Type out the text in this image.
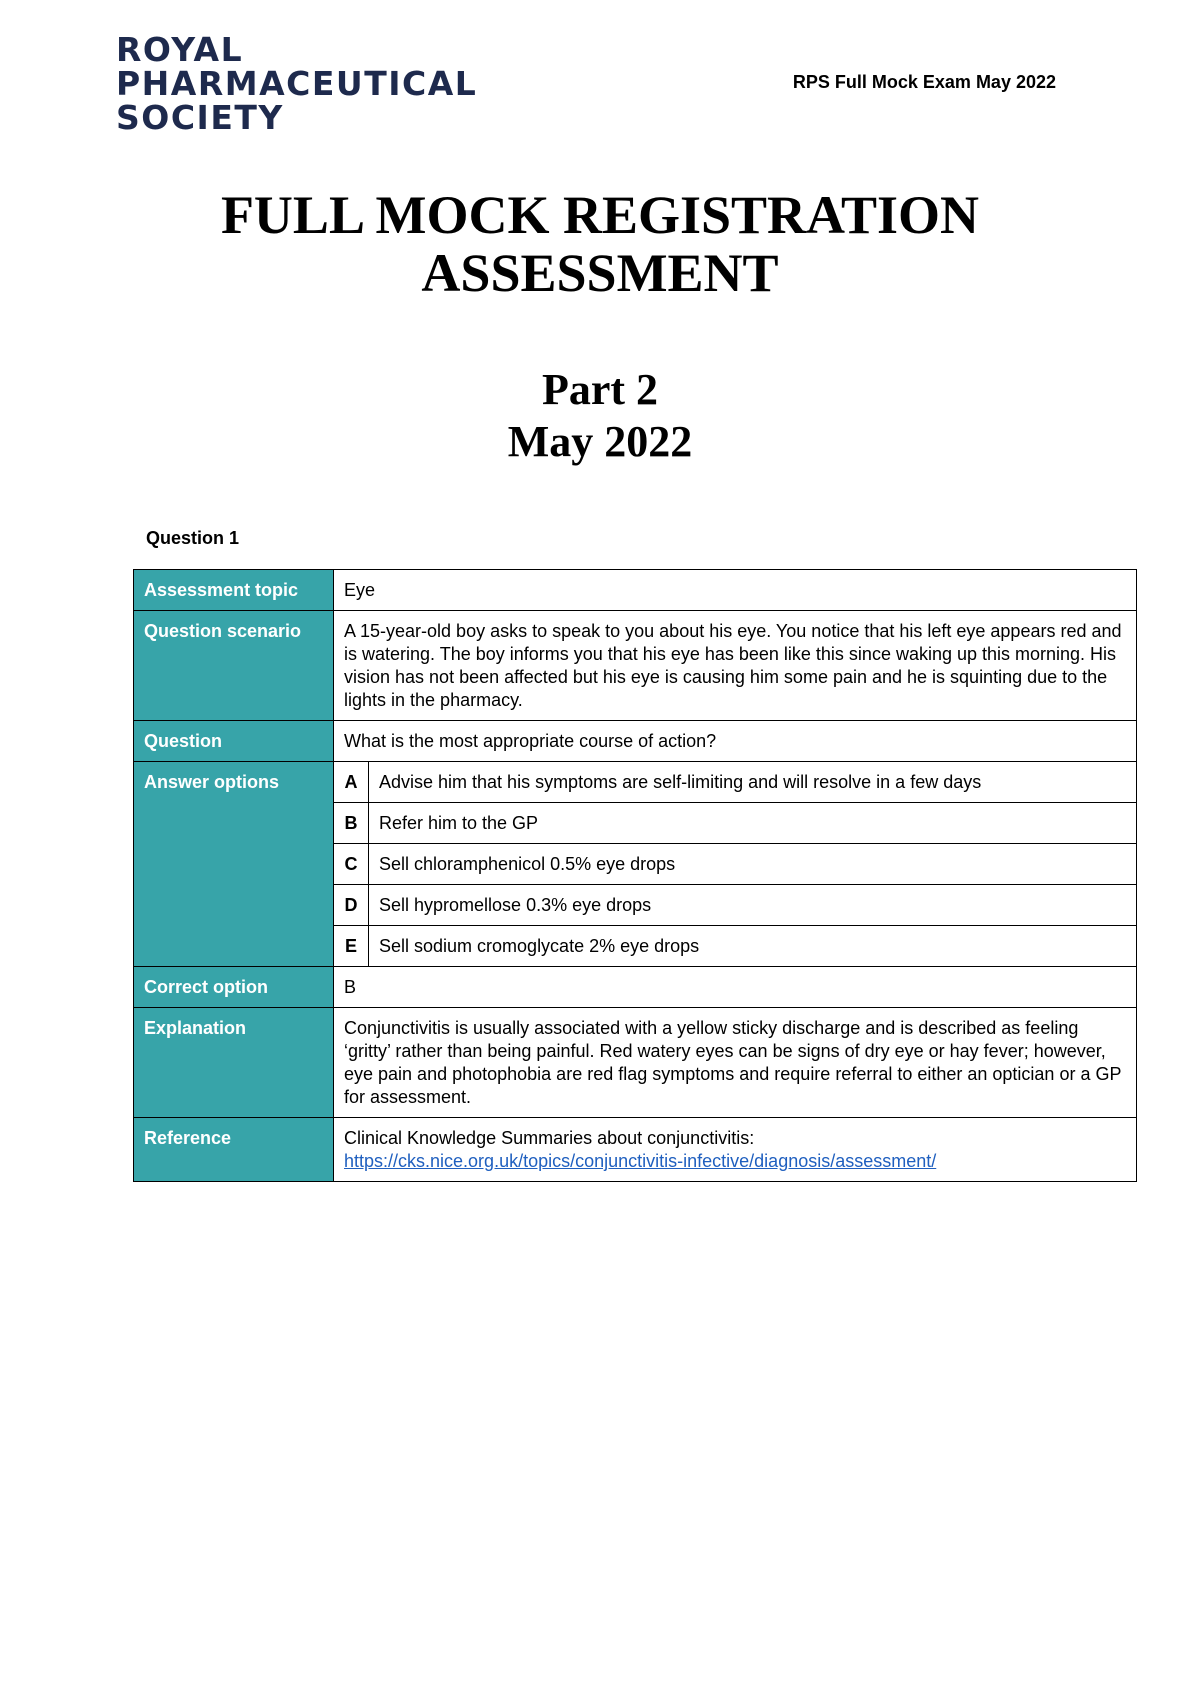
ROYAL
PHARMACEUTICAL
SOCIETY
RPS Full Mock Exam May 2022
FULL MOCK REGISTRATION
ASSESSMENT
Part 2
May 2022
Question 1
Assessment topic	Eye	
Question scenario	A 15-year-old boy asks to speak to you about his eye. You notice that his left eye appears red and is watering. The boy informs you that his eye has been like this since waking up this morning. His vision has not been affected but his eye is causing him some pain and he is squinting due to the lights in the pharmacy.	
Question	What is the most appropriate course of action?	
Answer options	A	Advise him that his symptoms are self-limiting and will resolve in a few days
	B	Refer him to the GP
	C	Sell chloramphenicol 0.5% eye drops
	D	Sell hypromellose 0.3% eye drops
	E	Sell sodium cromoglycate 2% eye drops
Correct option	B	
Explanation	Conjunctivitis is usually associated with a yellow sticky discharge and is described as feeling ‘gritty’ rather than being painful. Red watery eyes can be signs of dry eye or hay fever; however, eye pain and photophobia are red flag symptoms and require referral to either an optician or a GP for assessment.	
Reference	Clinical Knowledge Summaries about conjunctivitis:
https://cks.nice.org.uk/topics/conjunctivitis-infective/diagnosis/assessment/	
